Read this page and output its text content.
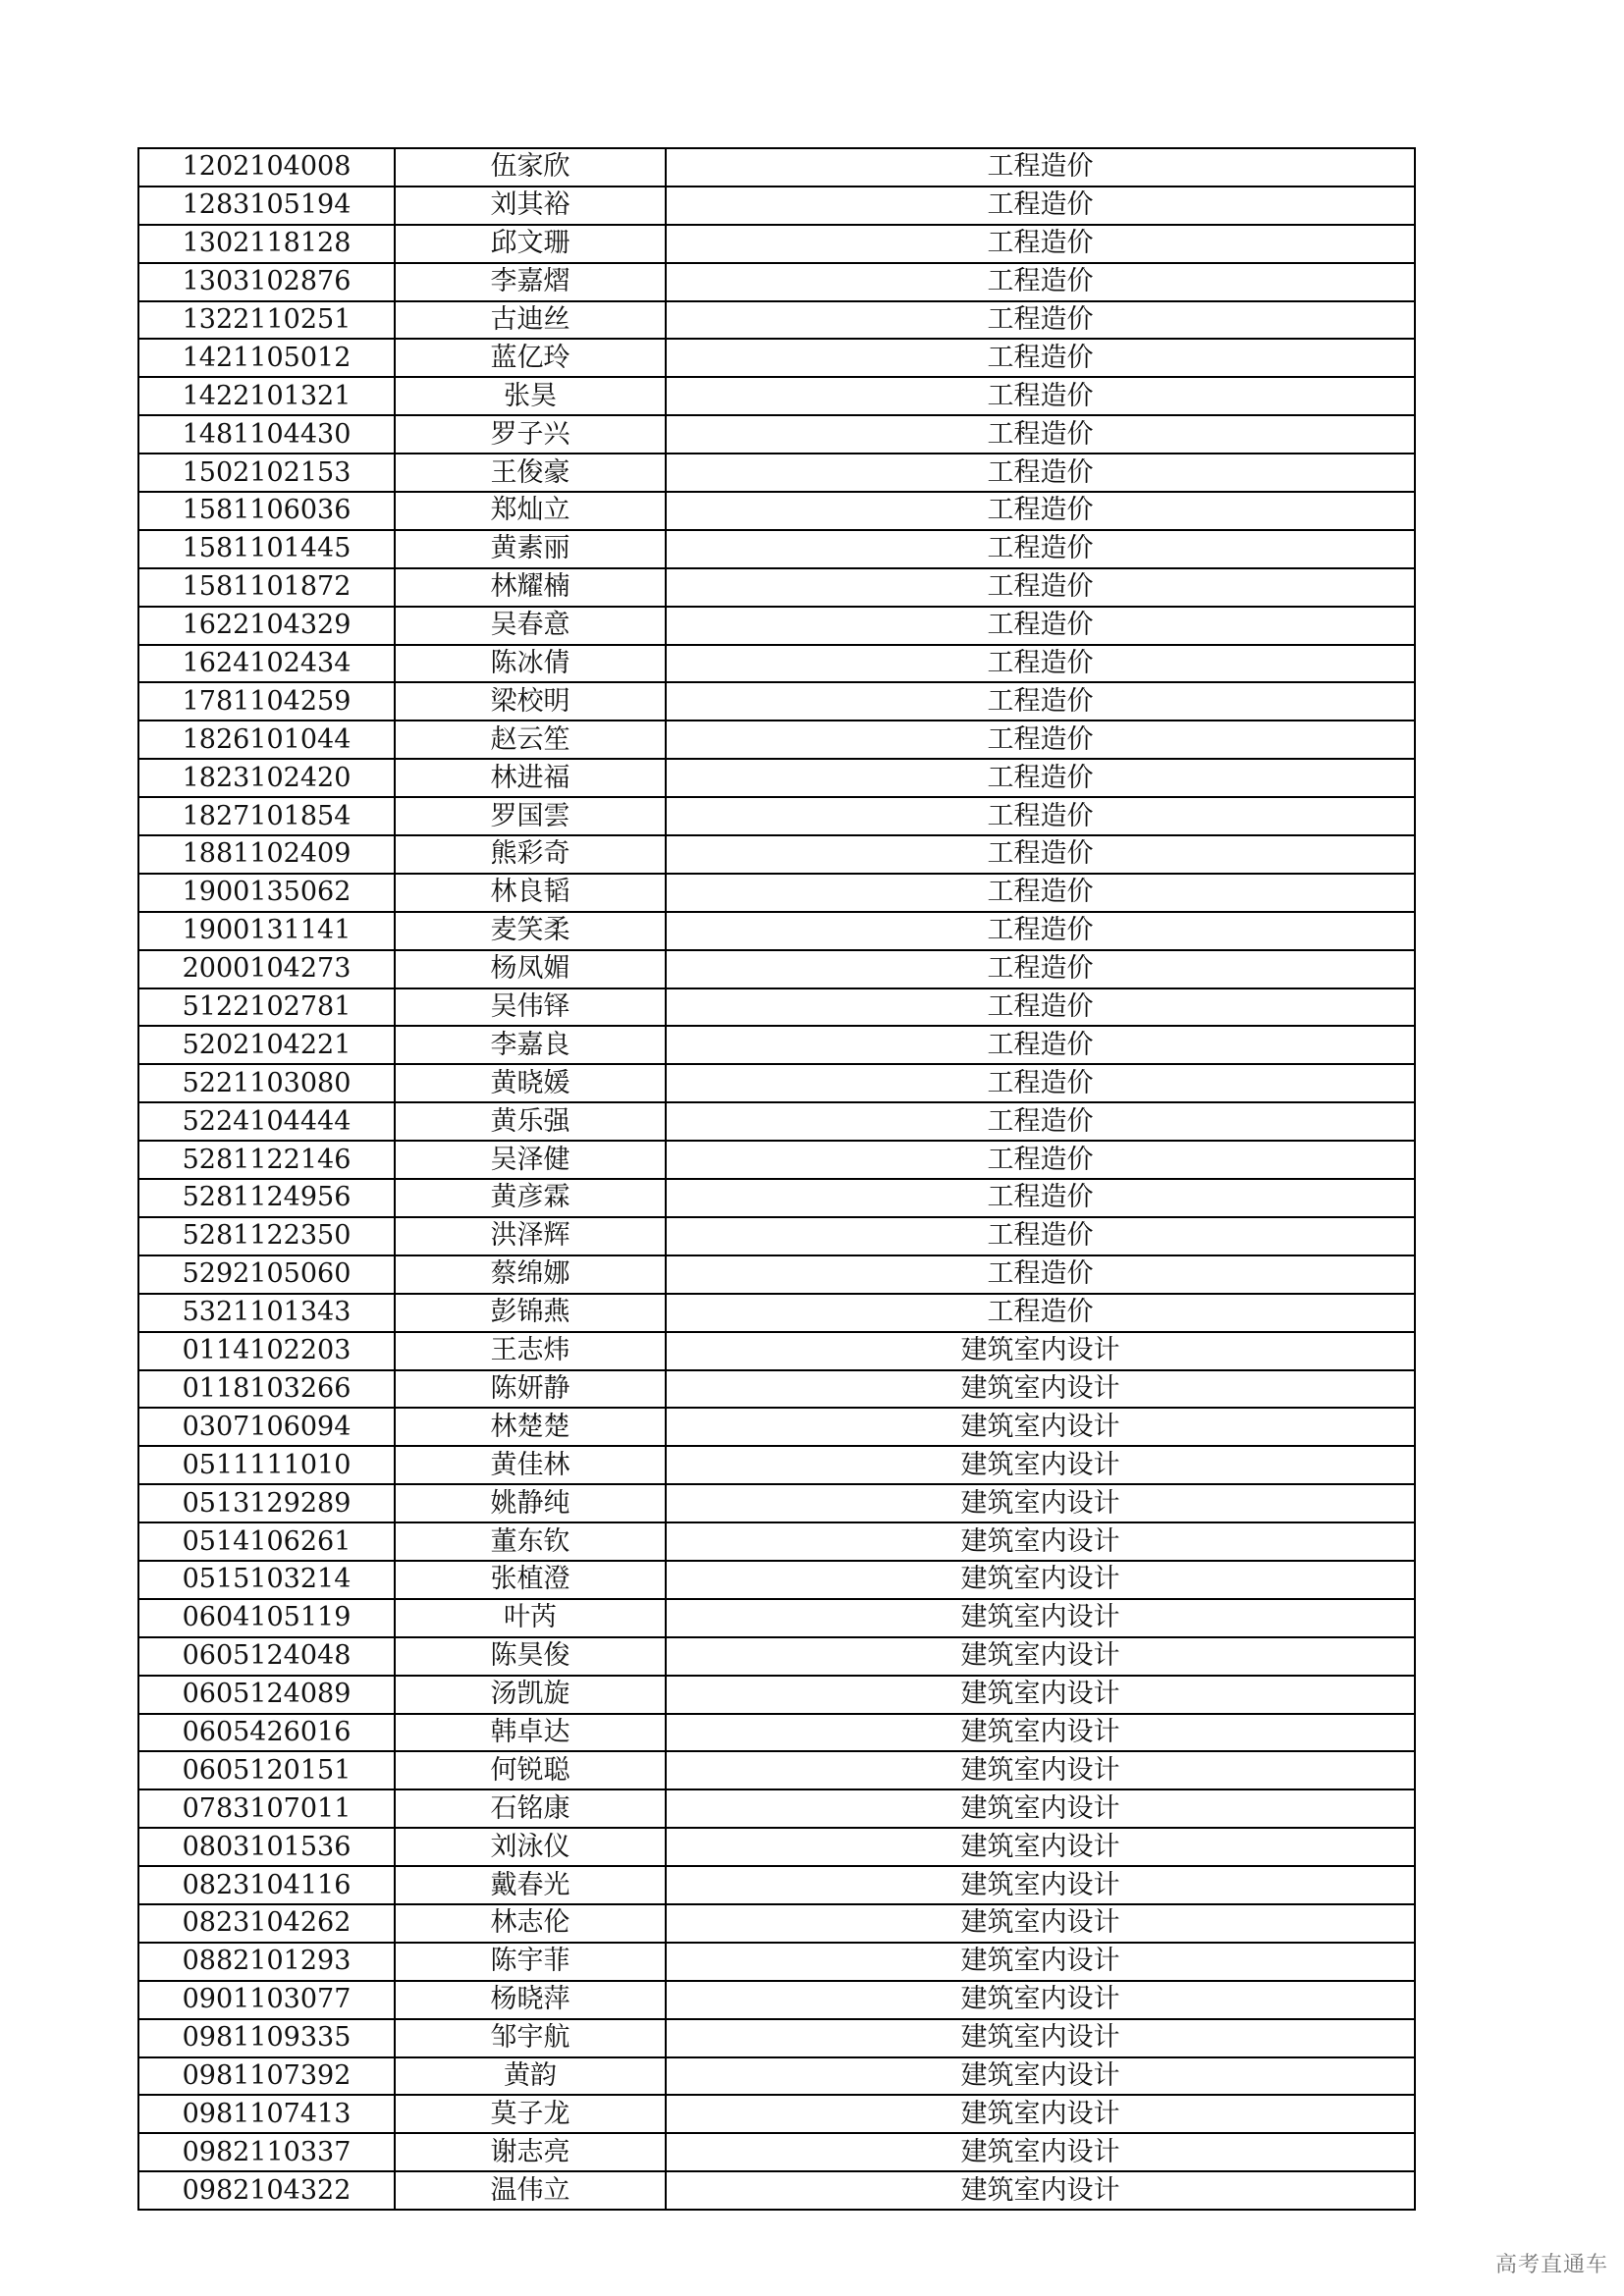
1202104008	伍家欣	工程造价
1283105194	刘其裕	工程造价
1302118128	邱文珊	工程造价
1303102876	李嘉熠	工程造价
1322110251	古迪丝	工程造价
1421105012	蓝亿玲	工程造价
1422101321	张昊	工程造价
1481104430	罗子兴	工程造价
1502102153	王俊豪	工程造价
1581106036	郑灿立	工程造价
1581101445	黄素丽	工程造价
1581101872	林耀楠	工程造价
1622104329	吴春意	工程造价
1624102434	陈冰倩	工程造价
1781104259	梁校明	工程造价
1826101044	赵云笙	工程造价
1823102420	林进福	工程造价
1827101854	罗国雲	工程造价
1881102409	熊彩奇	工程造价
1900135062	林良韬	工程造价
1900131141	麦笑柔	工程造价
2000104273	杨凤媚	工程造价
5122102781	吴伟铎	工程造价
5202104221	李嘉良	工程造价
5221103080	黄晓媛	工程造价
5224104444	黄乐强	工程造价
5281122146	吴泽健	工程造价
5281124956	黄彦霖	工程造价
5281122350	洪泽辉	工程造价
5292105060	蔡绵娜	工程造价
5321101343	彭锦燕	工程造价
0114102203	王志炜	建筑室内设计
0118103266	陈妍静	建筑室内设计
0307106094	林楚楚	建筑室内设计
0511111010	黄佳林	建筑室内设计
0513129289	姚静纯	建筑室内设计
0514106261	董东钦	建筑室内设计
0515103214	张植澄	建筑室内设计
0604105119	叶芮	建筑室内设计
0605124048	陈昊俊	建筑室内设计
0605124089	汤凯旋	建筑室内设计
0605426016	韩卓达	建筑室内设计
0605120151	何锐聪	建筑室内设计
0783107011	石铭康	建筑室内设计
0803101536	刘泳仪	建筑室内设计
0823104116	戴春光	建筑室内设计
0823104262	林志伦	建筑室内设计
0882101293	陈宇菲	建筑室内设计
0901103077	杨晓萍	建筑室内设计
0981109335	邹宇航	建筑室内设计
0981107392	黄韵	建筑室内设计
0981107413	莫子龙	建筑室内设计
0982110337	谢志亮	建筑室内设计
0982104322	温伟立	建筑室内设计
高考直通车
